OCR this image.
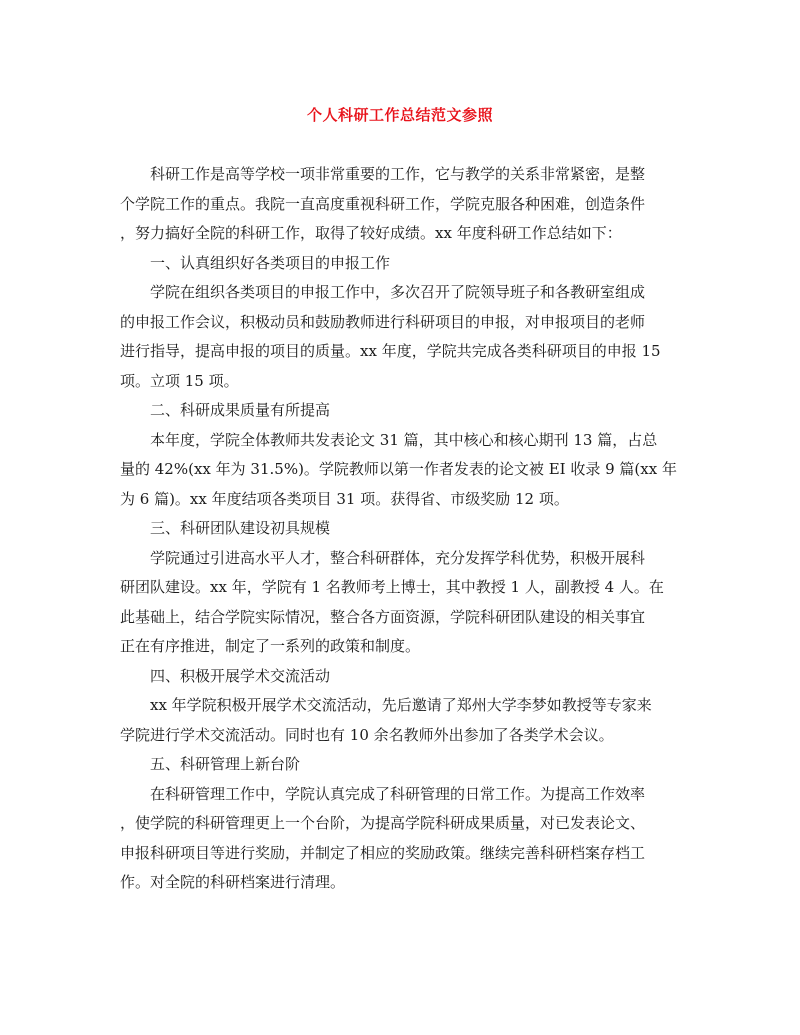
个人科研工作总结范文参照
科研工作是高等学校一项非常重要的工作，它与教学的关系非常紧密，是整
个学院工作的重点。我院一直高度重视科研工作，学院克服各种困难，创造条件
，努力搞好全院的科研工作，取得了较好成绩。xx 年度科研工作总结如下：
一、认真组织好各类项目的申报工作
学院在组织各类项目的申报工作中，多次召开了院领导班子和各教研室组成
的申报工作会议，积极动员和鼓励教师进行科研项目的申报，对申报项目的老师
进行指导，提高申报的项目的质量。xx 年度，学院共完成各类科研项目的申报 15
项。立项 15 项。
二、科研成果质量有所提高
本年度，学院全体教师共发表论文 31 篇，其中核心和核心期刊 13 篇，占总
量的 42%(xx 年为 31.5%)。学院教师以第一作者发表的论文被 EI 收录 9 篇(xx 年
为 6 篇)。xx 年度结项各类项目 31 项。获得省、市级奖励 12 项。
三、科研团队建设初具规模
学院通过引进高水平人才，整合科研群体，充分发挥学科优势，积极开展科
研团队建设。xx 年，学院有 1 名教师考上博士，其中教授 1 人，副教授 4 人。在
此基础上，结合学院实际情况，整合各方面资源，学院科研团队建设的相关事宜
正在有序推进，制定了一系列的政策和制度。
四、积极开展学术交流活动
xx 年学院积极开展学术交流活动，先后邀请了郑州大学李梦如教授等专家来
学院进行学术交流活动。同时也有 10 余名教师外出参加了各类学术会议。
五、科研管理上新台阶
在科研管理工作中，学院认真完成了科研管理的日常工作。为提高工作效率
，使学院的科研管理更上一个台阶，为提高学院科研成果质量，对已发表论文、
申报科研项目等进行奖励，并制定了相应的奖励政策。继续完善科研档案存档工
作。对全院的科研档案进行清理。
